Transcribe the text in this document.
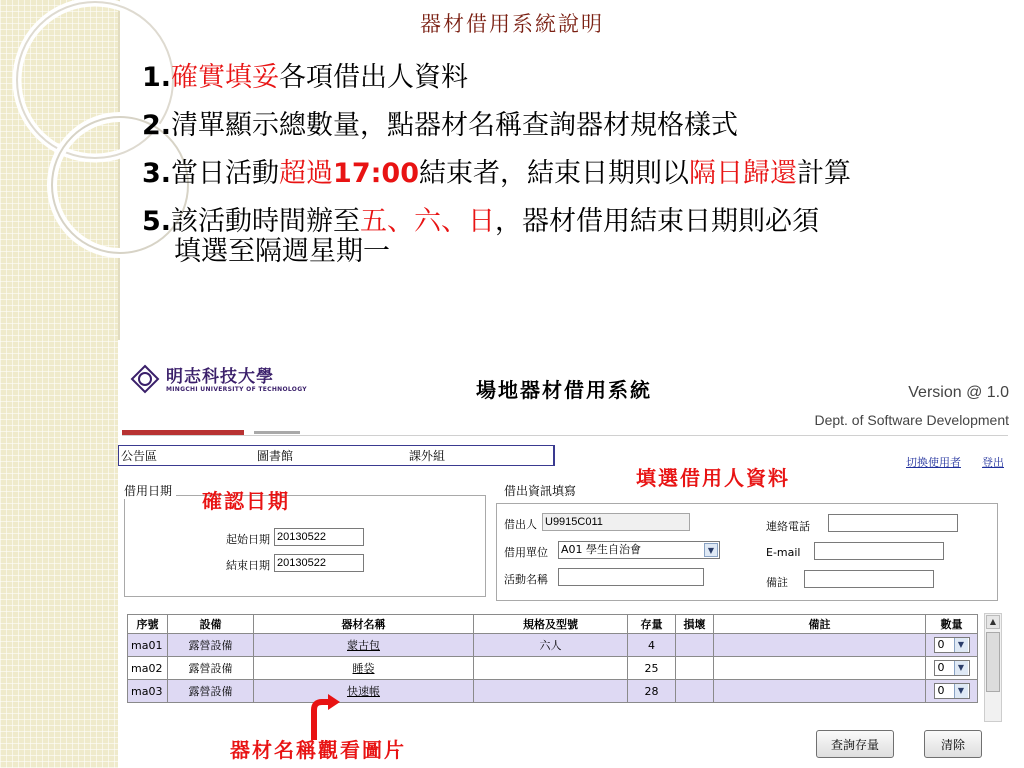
器材借用系統說明
1.確實填妥各項借出人資料
2.清單顯示總數量，點器材名稱查詢器材規格樣式
3.當日活動超過17:00結束者，結束日期則以隔日歸還計算
5.該活動時間辦至五、六、日，器材借用結束日期則必須
填選至隔週星期一
明志科技大學
MINGCHI UNIVERSITY OF TECHNOLOGY	場地器材借用系統	Version @ 1.0
Dept. of Software Development
公告區	圖書館	課外組	切換使用者 登出
借用日期
起始日期
20130522
結束日期
20130522
借出資訊填寫
借出人
U9915C011
借用單位 A01 學生自治會	▼
活動名稱
連絡電話
E-mail
備註
確認日期
填選借用人資料
序號	設備	器材名稱	規格及型號	存量	損壞	備註	數量
ma01	露營設備	蒙古包	六人	4			0 ▼

ma02	露營設備	睡袋		25			0 ▼

ma03	露營設備	快速帳		28			0 ▼
▲
器材名稱觀看圖片	查詢存量	清除
